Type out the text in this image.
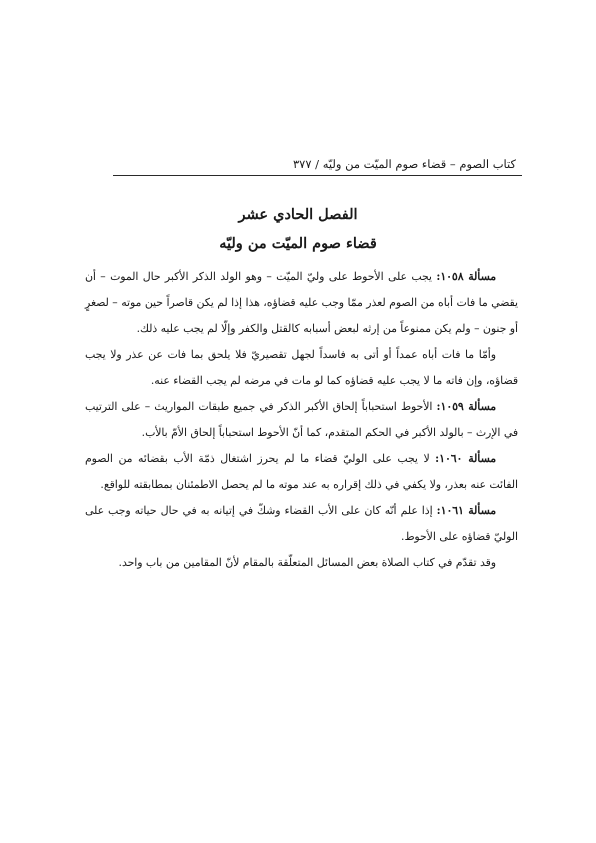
كتاب الصوم – قضاء صوم الميّت من وليّه / ٣٧٧
الفصل الحادي عشر
قضاء صوم الميّت من وليّه

مسألة ١٠٥٨: يجب على الأحوط على وليّ الميّت – وهو الولد الذكر الأكبر حال الموت – أن يقضي ما فات أباه من الصوم لعذر ممّا وجب عليه قضاؤه، هذا إذا لم يكن قاصراً حين موته – لصغرٍ أو جنون – ولم يكن ممنوعاً من إرثه لبعض أسبابه كالقتل والكفر وإلّا لم يجب عليه ذلك.

وأمّا ما فات أباه عمداً أو أتى به فاسداً لجهل تقصيريّ فلا يلحق بما فات عن عذر ولا يجب قضاؤه، وإن فاته ما لا يجب عليه قضاؤه كما لو مات في مرضه لم يجب القضاء عنه.

مسألة ١٠٥٩: الأحوط استحباباً إلحاق الأكبر الذكر في جميع طبقات المواريث – على الترتيب في الإرث – بالولد الأكبر في الحكم المتقدم، كما أنّ الأحوط استحباباً إلحاق الأمّ بالأب.

مسألة ١٠٦٠: لا يجب على الوليّ قضاء ما لم يحرز اشتغال ذمّة الأب بقضائه من الصوم الفائت عنه بعذر، ولا يكفي في ذلك إقراره به عند موته ما لم يحصل الاطمئنان بمطابقته للواقع.

مسألة ١٠٦١: إذا علم أنّه كان على الأب القضاء وشكّ في إتيانه به في حال حياته وجب على الوليّ قضاؤه على الأحوط.

وقد تقدّم في كتاب الصلاة بعض المسائل المتعلّقة بالمقام لأنّ المقامين من باب واحد.
